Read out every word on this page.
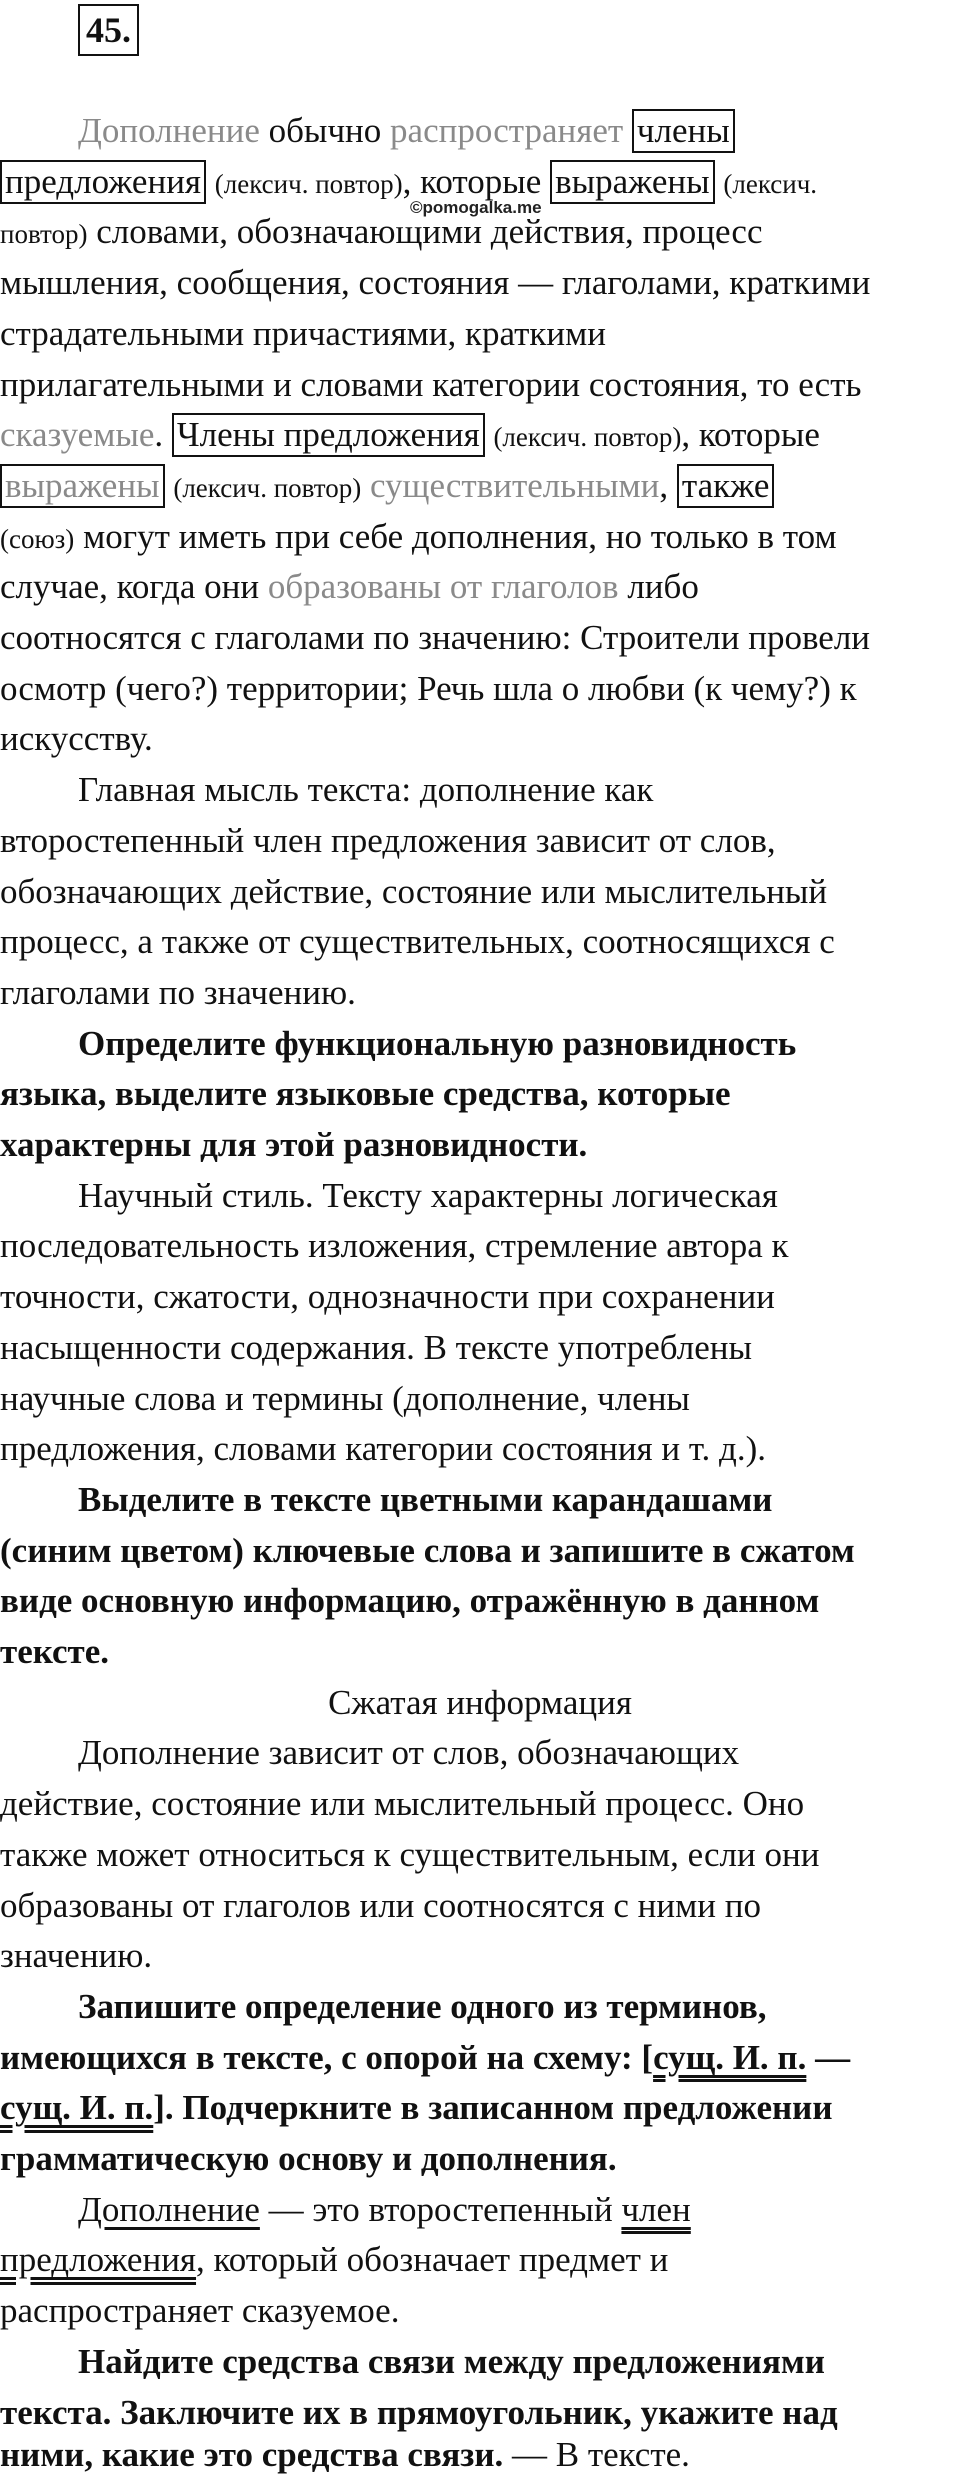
45.
Дополнение обычно распространяет члены
предложения (лексич. повтор), которые выражены (лексич.
©pomogalka.me
повтор) словами, обозначающими действия, процесс
мышления, сообщения, состояния — глаголами, краткими
страдательными причастиями, краткими
прилагательными и словами категории состояния, то есть
сказуемые. Члены предложения (лексич. повтор), которые
выражены (лексич. повтор) существительными, также
(союз) могут иметь при себе дополнения, но только в том
случае, когда они образованы от глаголов либо
соотносятся с глаголами по значению: Строители провели
осмотр (чего?) территории; Речь шла о любви (к чему?) к
искусству.
Главная мысль текста: дополнение как
второстепенный член предложения зависит от слов,
обозначающих действие, состояние или мыслительный
процесс, а также от существительных, соотносящихся с
глаголами по значению.
Определите функциональную разновидность
языка, выделите языковые средства, которые
характерны для этой разновидности.
Научный стиль. Тексту характерны логическая
последовательность изложения, стремление автора к
точности, сжатости, однозначности при сохранении
насыщенности содержания. В тексте употреблены
научные слова и термины (дополнение, члены
предложения, словами категории состояния и т. д.).
Выделите в тексте цветными карандашами
(синим цветом) ключевые слова и запишите в сжатом
виде основную информацию, отражённую в данном
тексте.
Сжатая информация
Дополнение зависит от слов, обозначающих
действие, состояние или мыслительный процесс. Оно
также может относиться к существительным, если они
образованы от глаголов или соотносятся с ними по
значению.
Запишите определение одного из терминов,
имеющихся в тексте, с опорой на схему: [сущ. И. п. —
сущ. И. п.]. Подчеркните в записанном предложении
грамматическую основу и дополнения.
Дополнение — это второстепенный член
предложения, который обозначает предмет и
распространяет сказуемое.
Найдите средства связи между предложениями
текста. Заключите их в прямоугольник, укажите над
ними, какие это средства связи. — В тексте.
